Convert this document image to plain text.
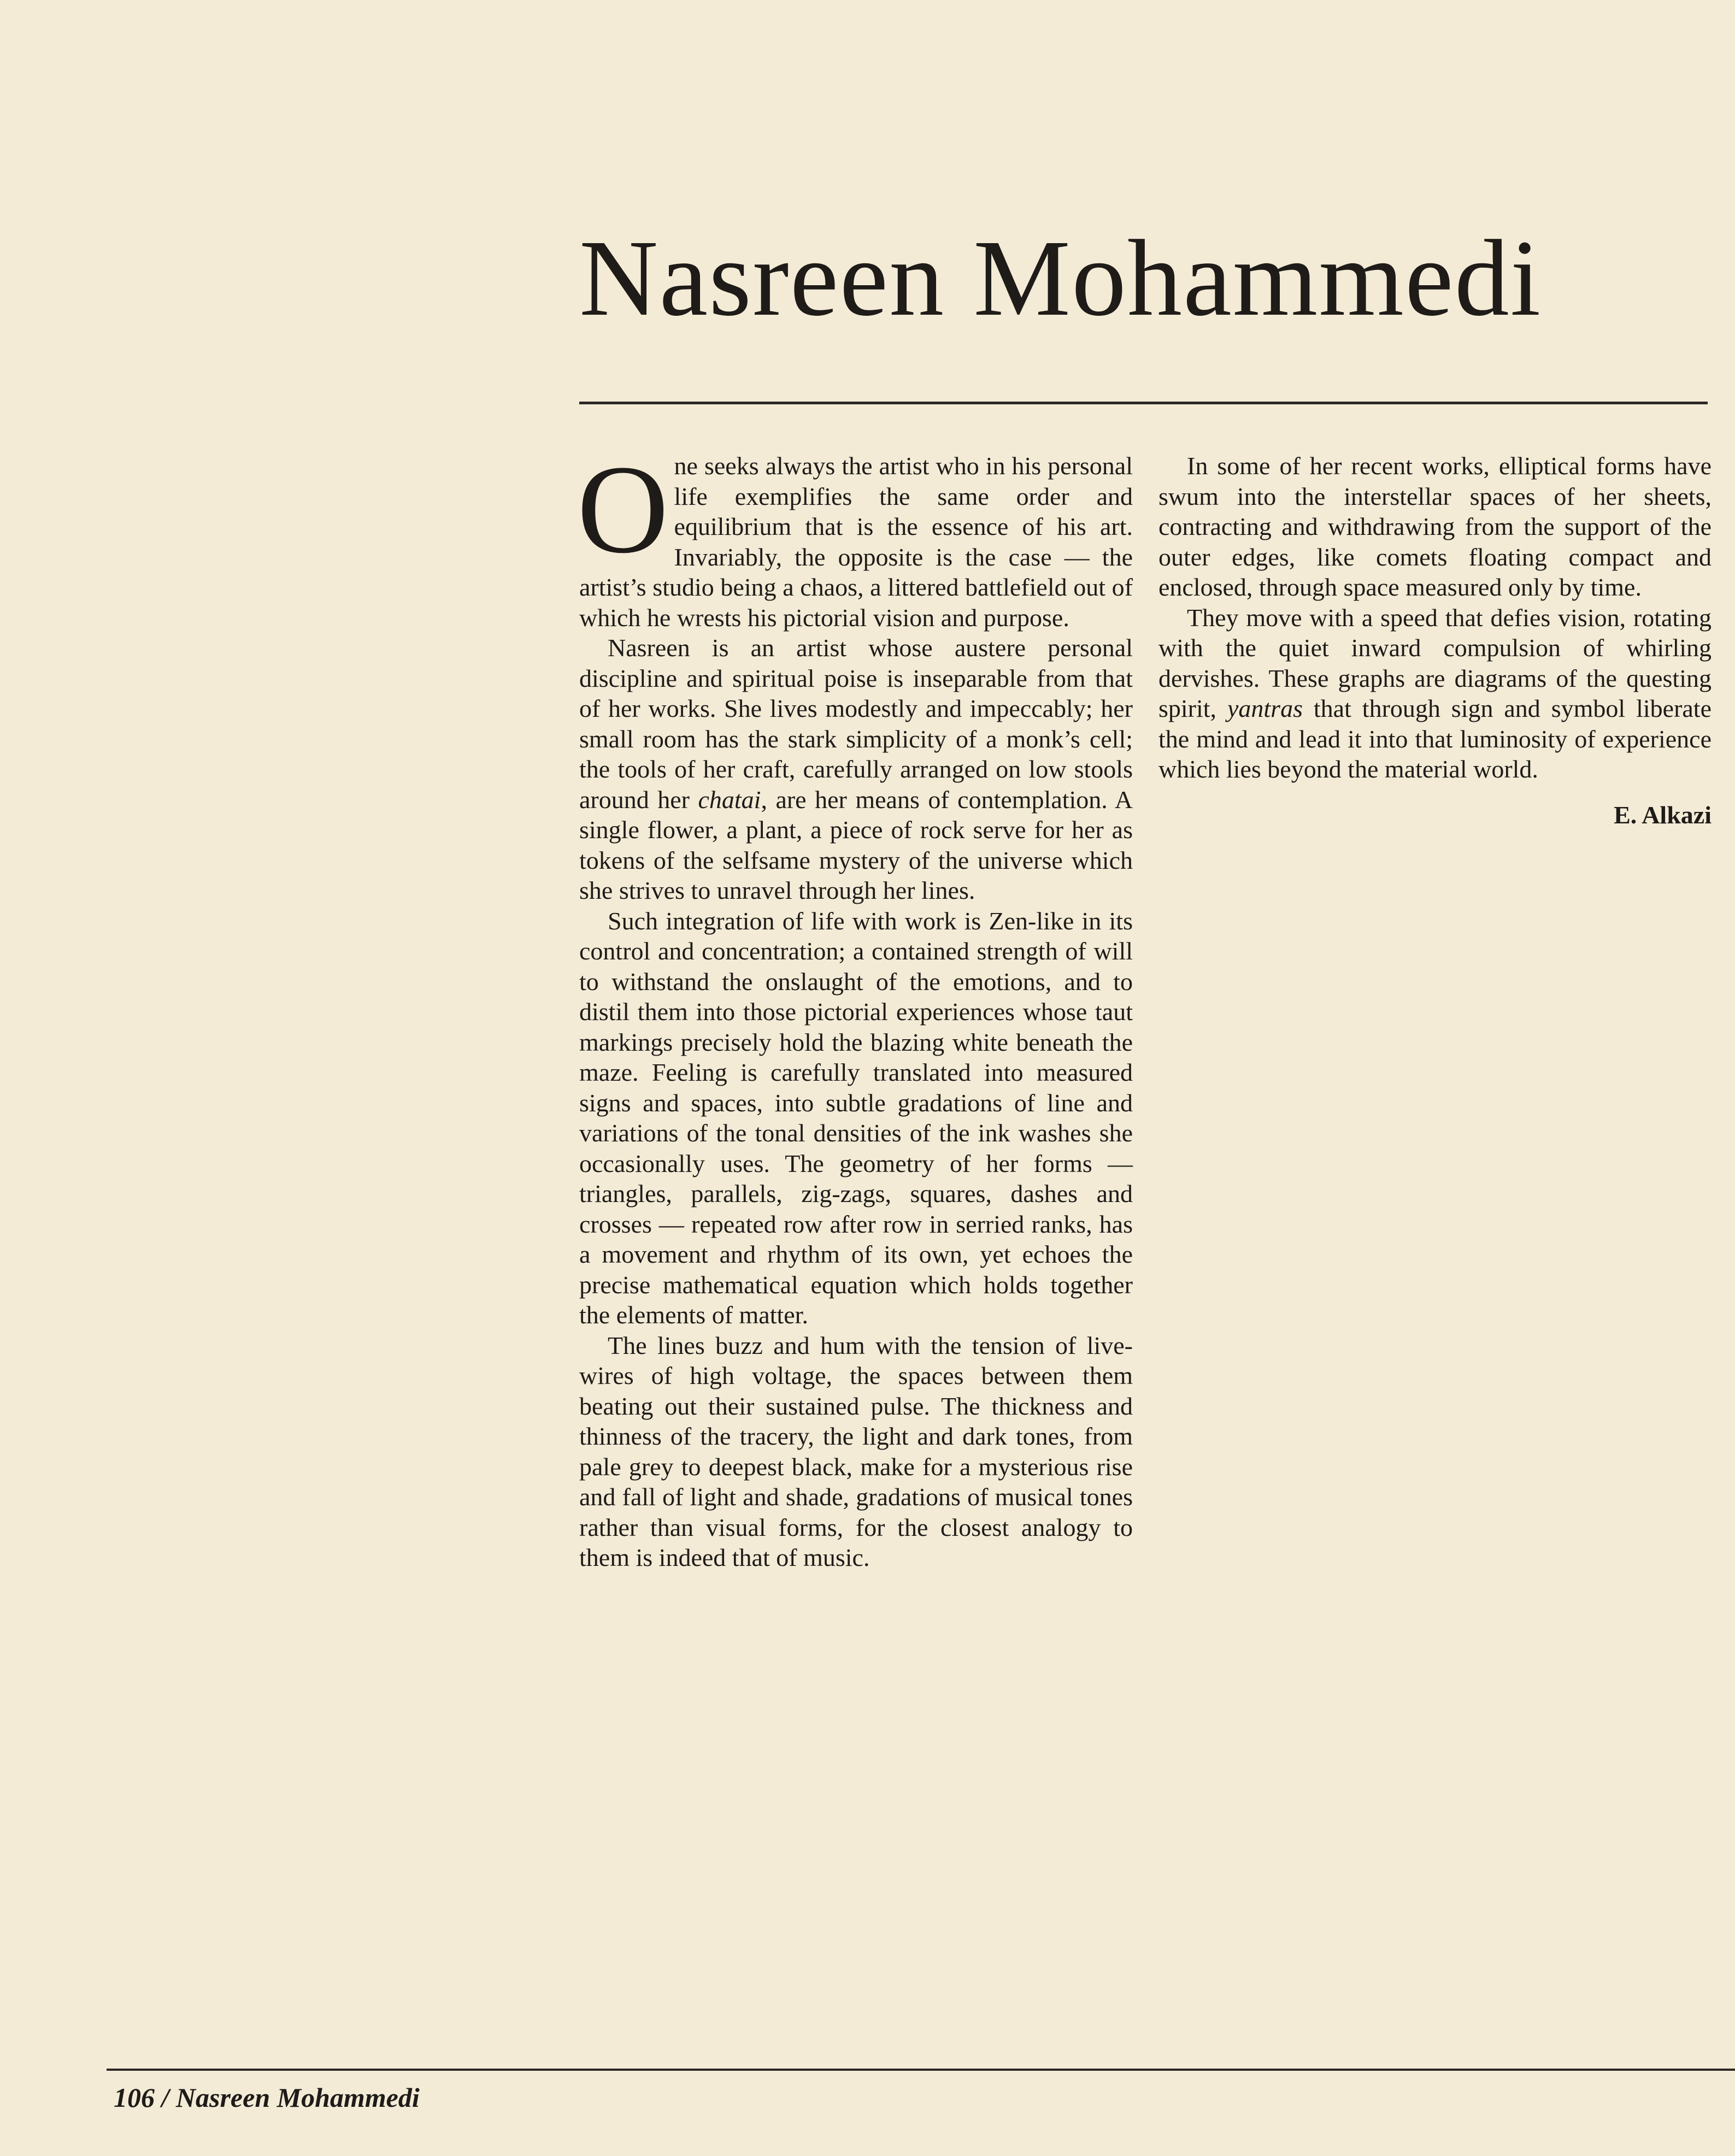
Nasreen Mohammedi

O ne seeks always the artist who in his personal life exemplifies the same order and equilibrium that is the essence of his art. Invariably, the opposite is the case — the artist’s studio being a chaos, a littered battlefield out of which he wrests his pictorial vision and purpose.

Nasreen is an artist whose austere personal discipline and spiritual poise is inseparable from that of her works. She lives modestly and impeccably; her small room has the stark simplicity of a monk’s cell; the tools of her craft, carefully arranged on low stools around her chatai, are her means of contemplation. A single flower, a plant, a piece of rock serve for her as tokens of the selfsame mystery of the universe which she strives to unravel through her lines.

Such integration of life with work is Zen-like in its control and concentration; a contained strength of will to withstand the onslaught of the emotions, and to distil them into those pictorial experiences whose taut markings precisely hold the blazing white beneath the maze. Feeling is carefully translated into measured signs and spaces, into subtle gradations of line and variations of the tonal densities of the ink washes she occasionally uses. The geometry of her forms — triangles, parallels, zig-zags, squares, dashes and crosses — repeated row after row in serried ranks, has a movement and rhythm of its own, yet echoes the precise mathematical equation which holds together the elements of matter.

The lines buzz and hum with the tension of live-wires of high voltage, the spaces between them beating out their sustained pulse. The thickness and thinness of the tracery, the light and dark tones, from pale grey to deepest black, make for a mysterious rise and fall of light and shade, gradations of musical tones rather than visual forms, for the closest analogy to them is indeed that of music.

In some of her recent works, elliptical forms have swum into the interstellar spaces of her sheets, contracting and withdrawing from the support of the outer edges, like comets floating compact and enclosed, through space measured only by time.

They move with a speed that defies vision, rotating with the quiet inward compulsion of whirling dervishes. These graphs are diagrams of the questing spirit, yantras that through sign and symbol liberate the mind and lead it into that luminosity of experience which lies beyond the material world.

E. Alkazi
106 / Nasreen Mohammedi
